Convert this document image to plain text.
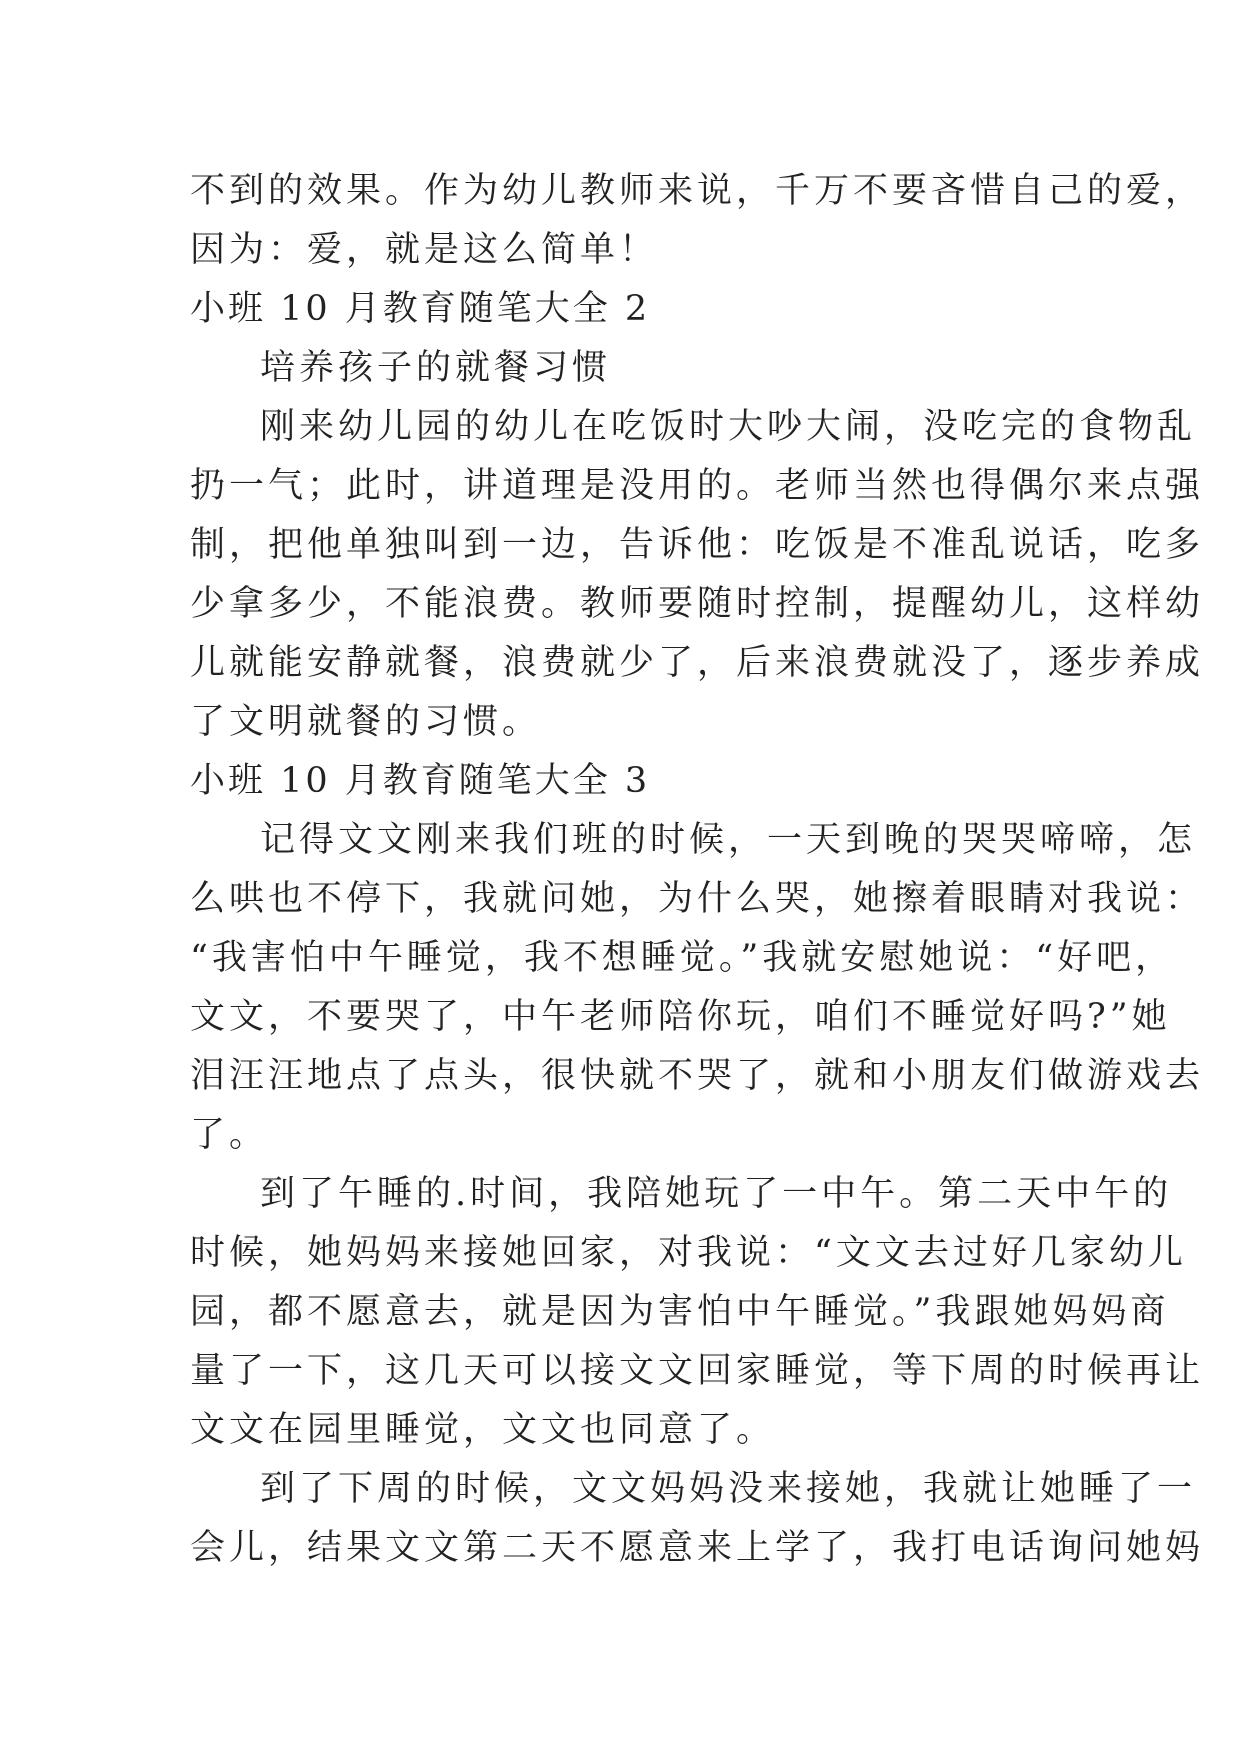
不到的效果。作为幼儿教师来说，千万不要吝惜自己的爱，
因为：爱，就是这么简单！
小班 10 月教育随笔大全 2
培养孩子的就餐习惯
刚来幼儿园的幼儿在吃饭时大吵大闹，没吃完的食物乱
扔一气；此时，讲道理是没用的。老师当然也得偶尔来点强
制，把他单独叫到一边，告诉他：吃饭是不准乱说话，吃多
少拿多少，不能浪费。教师要随时控制，提醒幼儿，这样幼
儿就能安静就餐，浪费就少了，后来浪费就没了，逐步养成
了文明就餐的习惯。
小班 10 月教育随笔大全 3
记得文文刚来我们班的时候，一天到晚的哭哭啼啼，怎
么哄也不停下，我就问她，为什么哭，她擦着眼睛对我说：
“我害怕中午睡觉，我不想睡觉。”我就安慰她说：“好吧，
文文，不要哭了，中午老师陪你玩，咱们不睡觉好吗?”她
泪汪汪地点了点头，很快就不哭了，就和小朋友们做游戏去
了。
到了午睡的.时间，我陪她玩了一中午。第二天中午的
时候，她妈妈来接她回家，对我说：“文文去过好几家幼儿
园，都不愿意去，就是因为害怕中午睡觉。”我跟她妈妈商
量了一下，这几天可以接文文回家睡觉，等下周的时候再让
文文在园里睡觉，文文也同意了。
到了下周的时候，文文妈妈没来接她，我就让她睡了一
会儿，结果文文第二天不愿意来上学了，我打电话询问她妈
